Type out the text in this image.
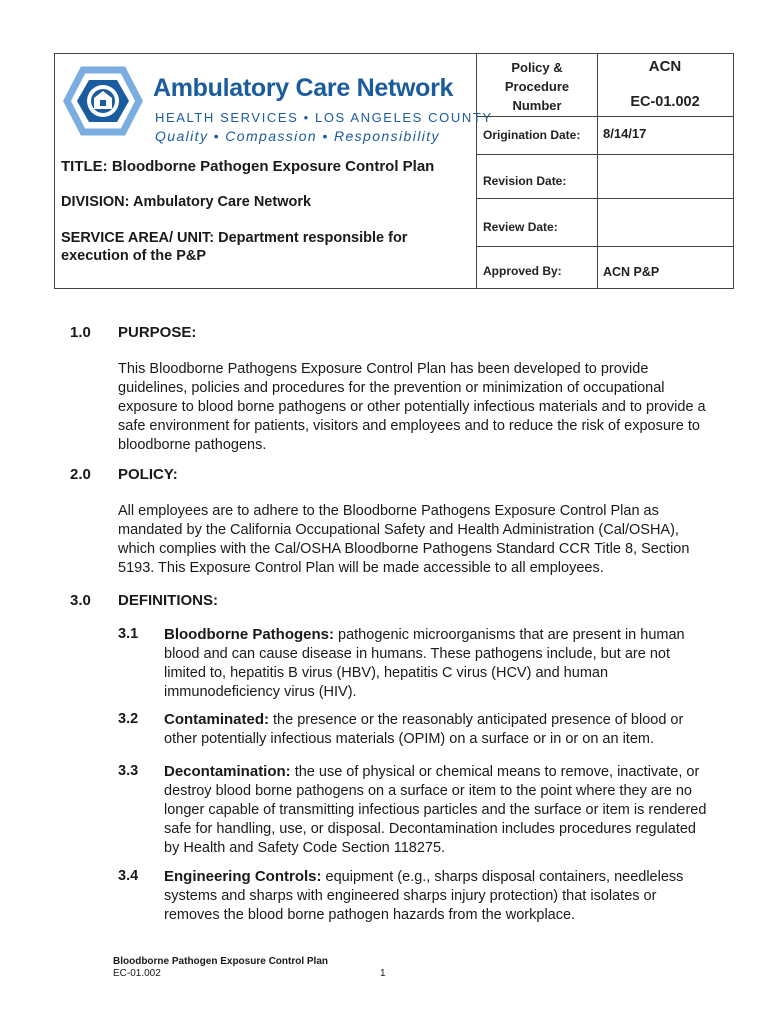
Ambulatory Care Network
HEALTH SERVICES • LOS ANGELES COUNTY
Quality • Compassion • Responsibility
TITLE: Bloodborne Pathogen Exposure Control Plan
DIVISION: Ambulatory Care Network
SERVICE AREA/ UNIT: Department responsible for execution of the P&P
Policy & Procedure Number
ACN
EC-01.002
Origination Date: 8/14/17
Revision Date:
Review Date:
Approved By:	ACN P&P
1.0 PURPOSE:
This Bloodborne Pathogens Exposure Control Plan has been developed to provide guidelines, policies and procedures for the prevention or minimization of occupational exposure to blood borne pathogens or other potentially infectious materials and to provide a safe environment for patients, visitors and employees and to reduce the risk of exposure to bloodborne pathogens.
2.0 POLICY:
All employees are to adhere to the Bloodborne Pathogens Exposure Control Plan as mandated by the California Occupational Safety and Health Administration (Cal/OSHA), which complies with the Cal/OSHA Bloodborne Pathogens Standard CCR Title 8, Section 5193. This Exposure Control Plan will be made accessible to all employees.
3.0 DEFINITIONS:
3.1 Bloodborne Pathogens: pathogenic microorganisms that are present in human blood and can cause disease in humans. These pathogens include, but are not limited to, hepatitis B virus (HBV), hepatitis C virus (HCV) and human immunodeficiency virus (HIV).
3.2 Contaminated: the presence or the reasonably anticipated presence of blood or other potentially infectious materials (OPIM) on a surface or in or on an item.
3.3 Decontamination: the use of physical or chemical means to remove, inactivate, or destroy blood borne pathogens on a surface or item to the point where they are no longer capable of transmitting infectious particles and the surface or item is rendered safe for handling, use, or disposal. Decontamination includes procedures regulated by Health and Safety Code Section 118275.
3.4 Engineering Controls: equipment (e.g., sharps disposal containers, needleless systems and sharps with engineered sharps injury protection) that isolates or removes the blood borne pathogen hazards from the workplace.
Bloodborne Pathogen Exposure Control Plan
EC-01.002	1
